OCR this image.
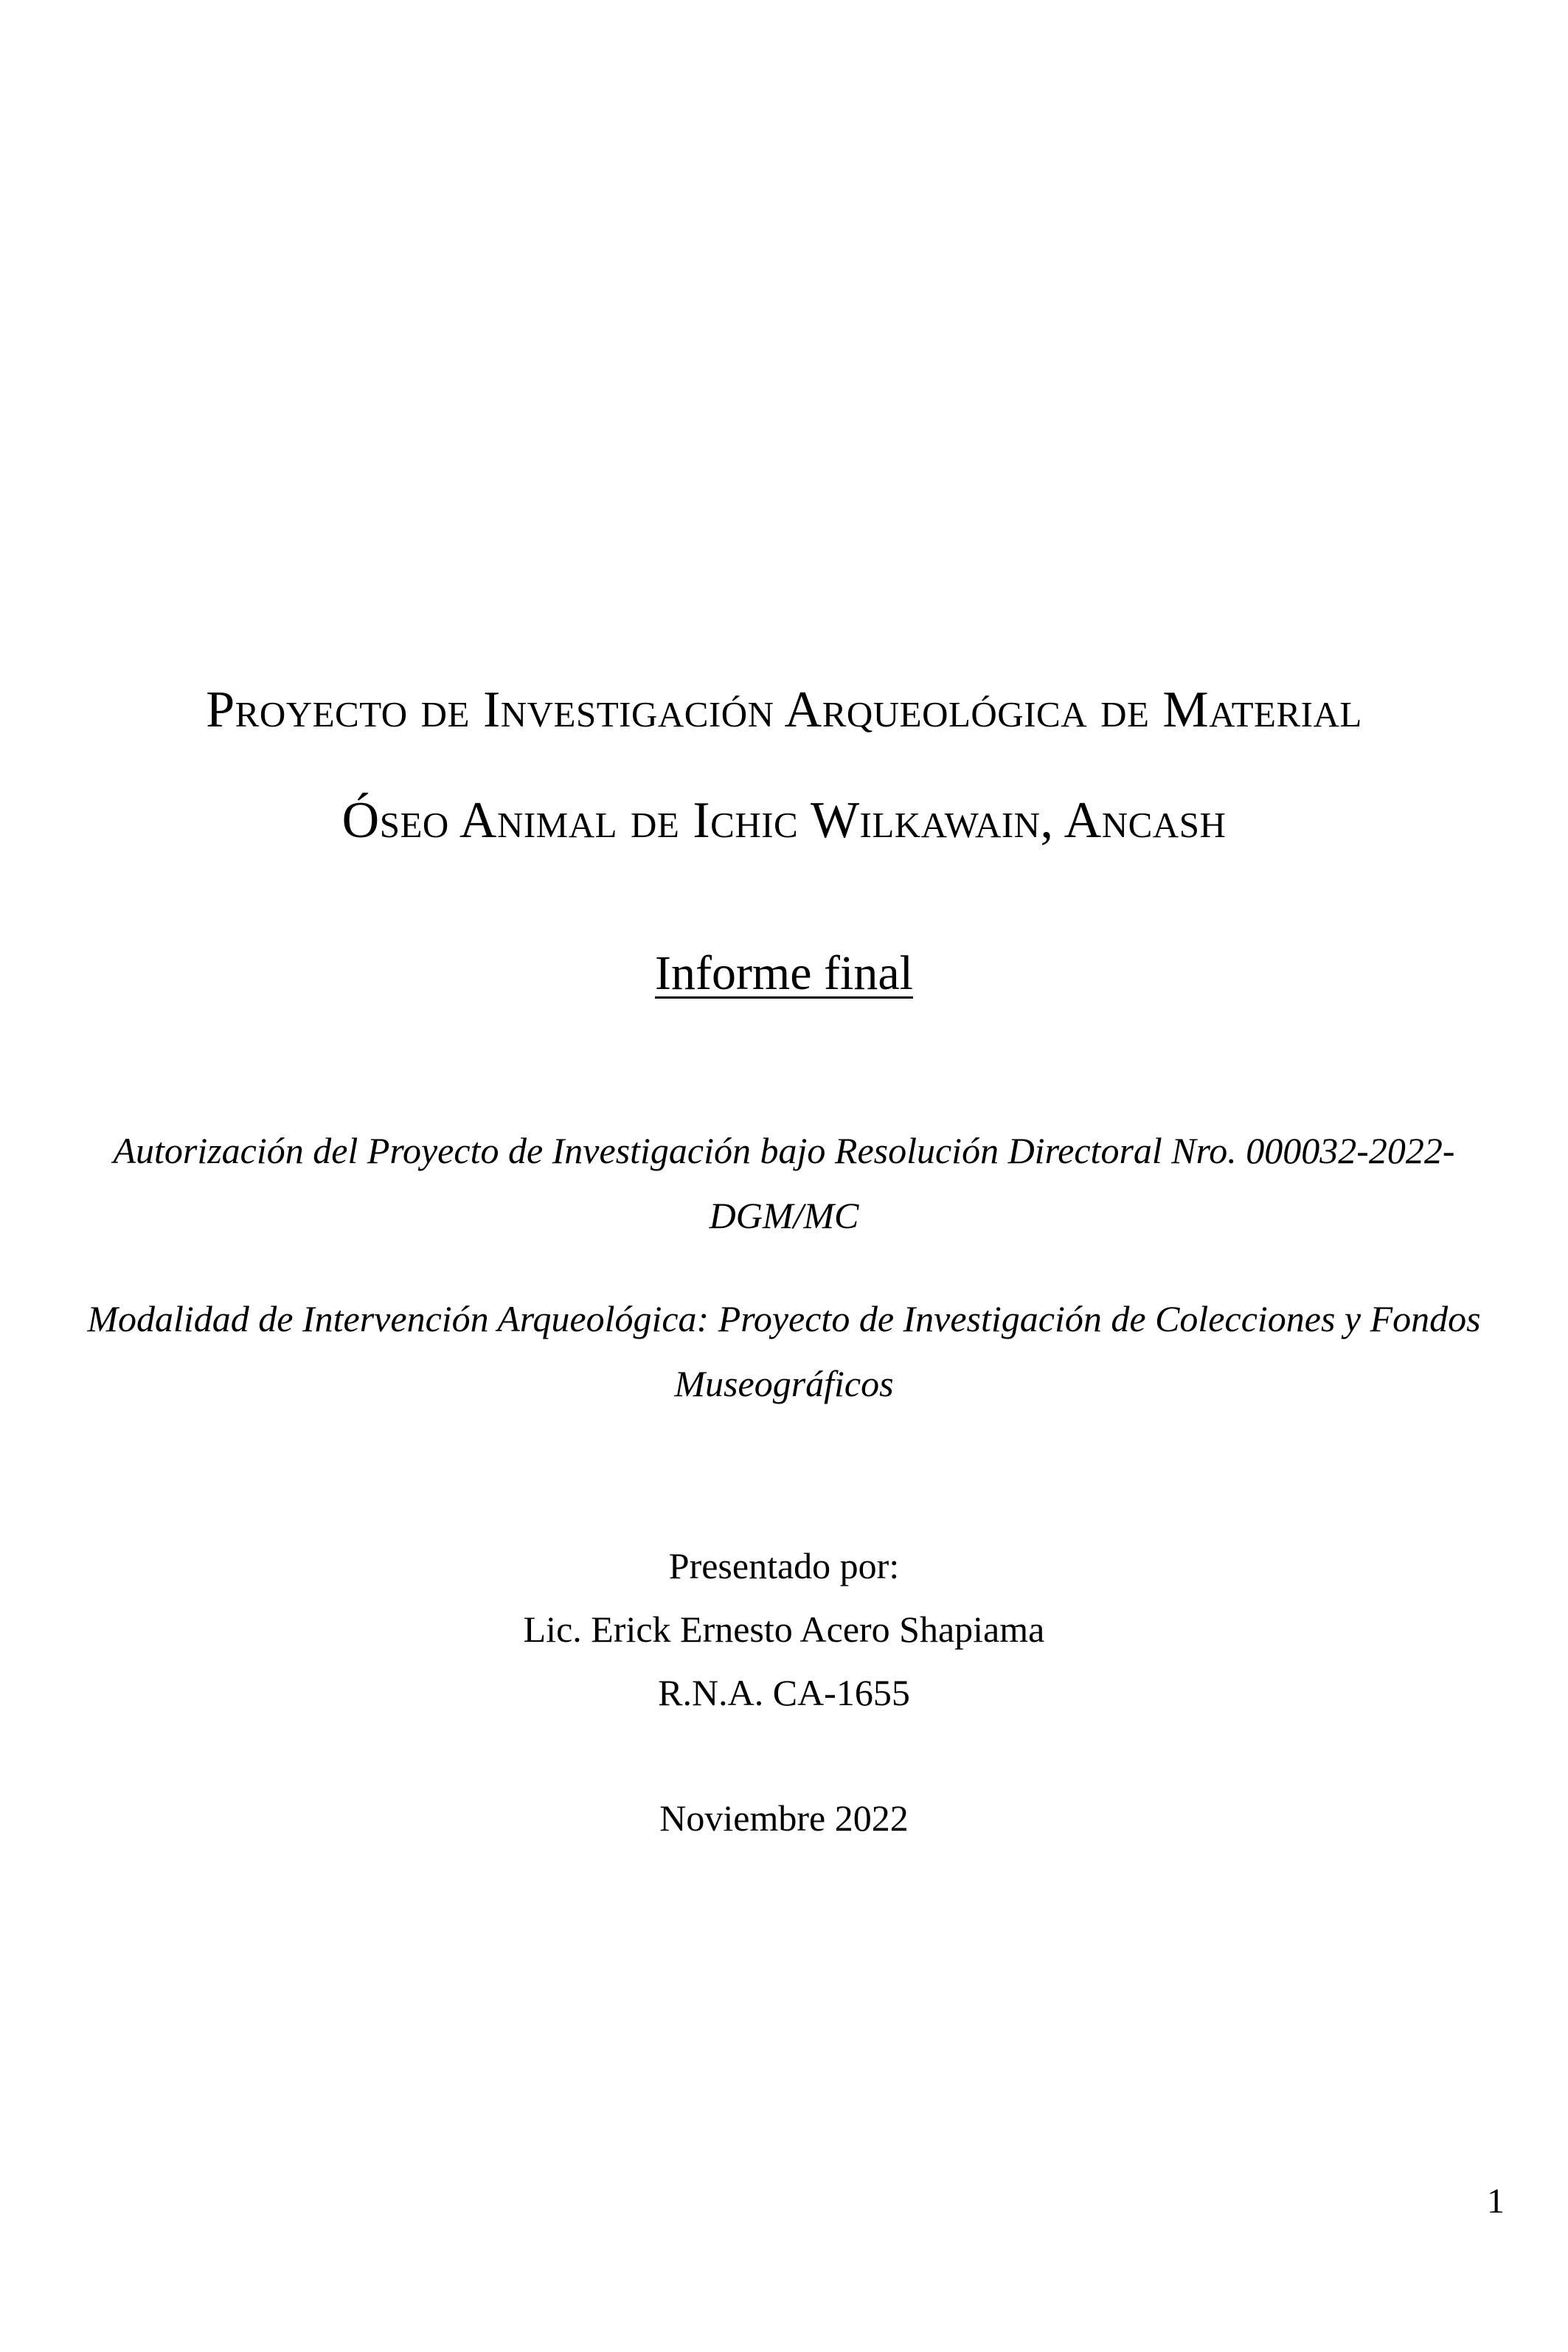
Proyecto de Investigación Arqueológica de Material
Óseo Animal de Ichic Wilkawain, Ancash
Informe final
Autorización del Proyecto de Investigación bajo Resolución Directoral Nro. 000032-2022-
DGM/MC
Modalidad de Intervención Arqueológica: Proyecto de Investigación de Colecciones y Fondos
Museográficos
Presentado por:
Lic. Erick Ernesto Acero Shapiama
R.N.A. CA-1655
Noviembre 2022
1
